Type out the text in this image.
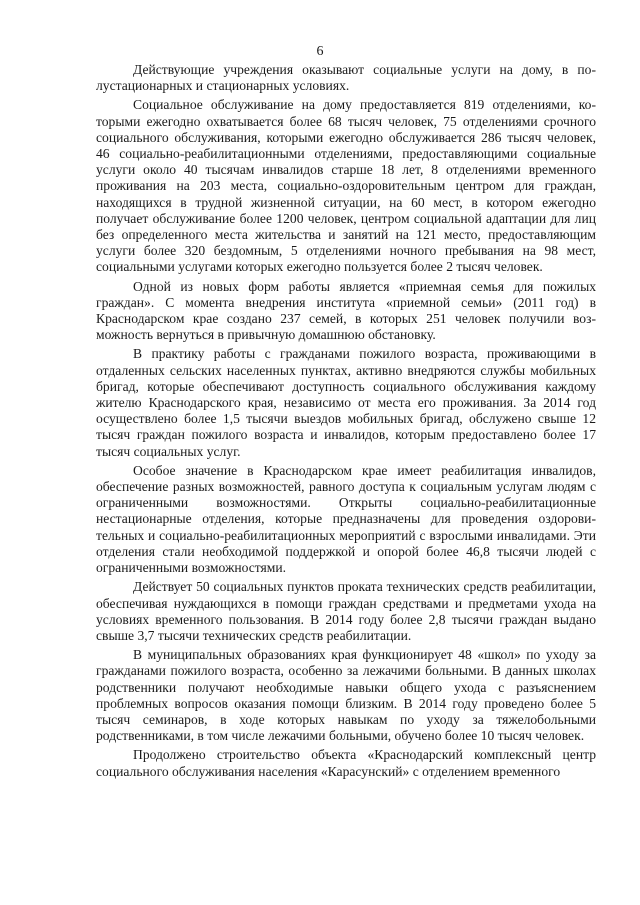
6

Действующие учреждения оказывают социальные услуги на дому, в полустационарных и стационарных условиях.

Социальное обслуживание на дому предоставляется 819 отделениями, которыми ежегодно охватывается более 68 тысяч человек, 75 отделениями срочного социального обслуживания, которыми ежегодно обслуживается 286 тысяч человек, 46 социально-реабилитационными отделениями, предоставляющими социальные услуги около 40 тысячам инвалидов старше 18 лет, 8 отделениями временного проживания на 203 места, социально-оздоровительным центром для граждан, находящихся в трудной жизненной ситуации, на 60 мест, в котором ежегодно получает обслуживание более 1200 человек, центром социальной адаптации для лиц без определенного места жительства и занятий на 121 место, предоставляющим услуги более 320 бездомным, 5 отделениями ночного пребывания на 98 мест, социальными услугами которых ежегодно пользуется более 2 тысяч человек.

Одной из новых форм работы является «приемная семья для пожилых граждан». С момента внедрения института «приемной семьи» (2011 год) в Краснодарском крае создано 237 семей, в которых 251 человек получили возможность вернуться в привычную домашнюю обстановку.

В практику работы с гражданами пожилого возраста, проживающими в отдаленных сельских населенных пунктах, активно внедряются службы мобильных бригад, которые обеспечивают доступность социального обслуживания каждому жителю Краснодарского края, независимо от места его проживания. За 2014 год осуществлено более 1,5 тысячи выездов мобильных бригад, обслужено свыше 12 тысяч граждан пожилого возраста и инвалидов, которым предоставлено более 17 тысяч социальных услуг.

Особое значение в Краснодарском крае имеет реабилитация инвалидов, обеспечение разных возможностей, равного доступа к социальным услугам людям с ограниченными возможностями. Открыты социально-реабилитационные нестационарные отделения, которые предназначены для проведения оздоровительных и социально-реабилитационных мероприятий с взрослыми инвалидами. Эти отделения стали необходимой поддержкой и опорой более 46,8 тысячи людей с ограниченными возможностями.

Действует 50 социальных пунктов проката технических средств реабилитации, обеспечивая нуждающихся в помощи граждан средствами и предметами ухода на условиях временного пользования. В 2014 году более 2,8 тысячи граждан выдано свыше 3,7 тысячи технических средств реабилитации.

В муниципальных образованиях края функционирует 48 «школ» по уходу за гражданами пожилого возраста, особенно за лежачими больными. В данных школах родственники получают необходимые навыки общего ухода с разъяснением проблемных вопросов оказания помощи близким. В 2014 году проведено более 5 тысяч семинаров, в ходе которых навыкам по уходу за тяжелобольными родственниками, в том числе лежачими больными, обучено более 10 тысяч человек.

Продолжено строительство объекта «Краснодарский комплексный центр социального обслуживания населения «Карасунский» с отделением временного
